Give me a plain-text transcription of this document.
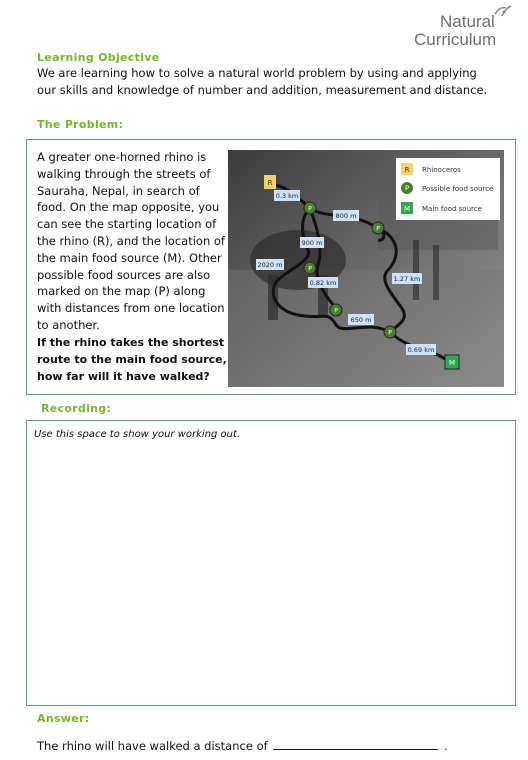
Natural
Curriculum
Learning Objective
We are learning how to solve a natural world problem by using and applying our skills and knowledge of number and addition, measurement and distance.
The Problem:
A greater one-horned rhino is walking through the streets of Sauraha, Nepal, in search of food. On the map opposite, you can see the starting location of the rhino (R), and the location of the main food source (M). Other possible food sources are also marked on the map (P) along with distances from one location to another.
If the rhino takes the shortest route to the main food source, how far will it have walked?
R Rhinoceros
P Possible food source
M Main food source
R
P
P
P
P
P
M
0.3 km
800 m
900 m
2020 m
0.82 km	1.27 km
650 m
0.69 km
Recording:
Use this space to show your working out.
Answer:
The rhino will have walked a distance of	.
